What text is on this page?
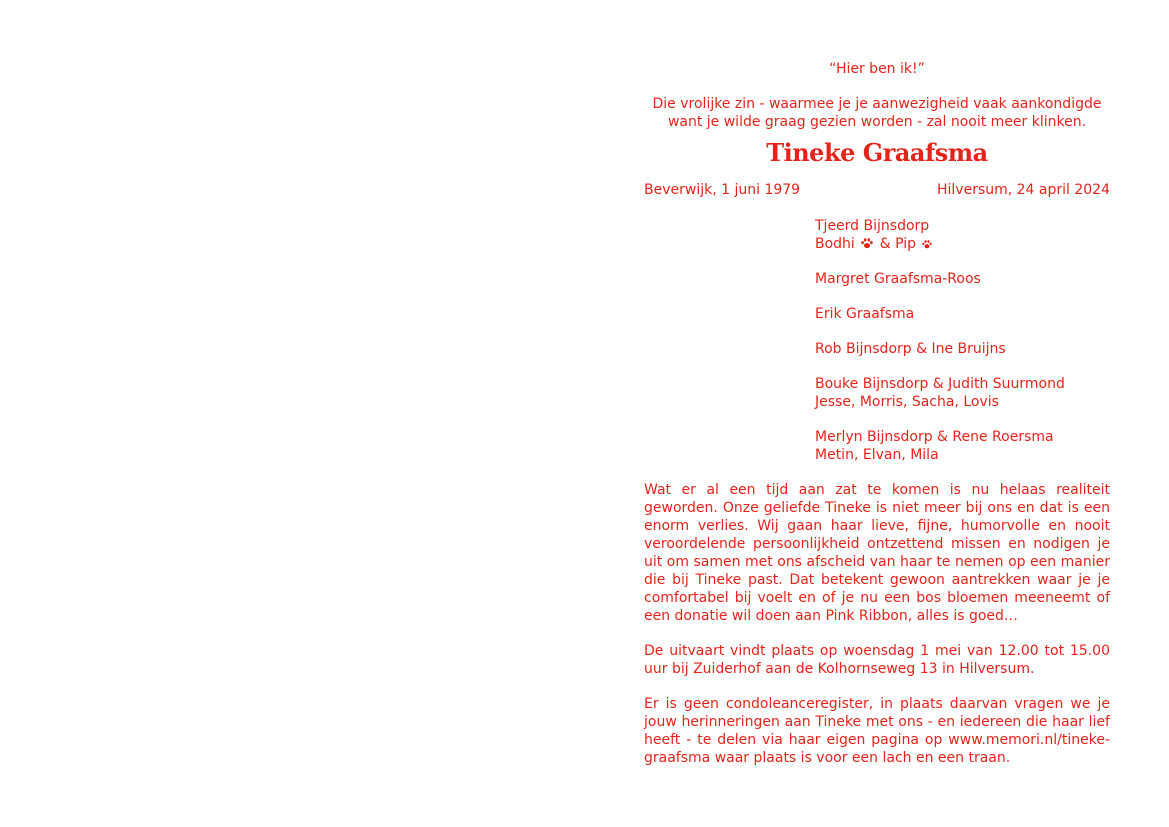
“Hier ben ik!”

Die vrolijke zin - waarmee je je aanwezigheid vaak aankondigde
want je wilde graag gezien worden - zal nooit meer klinken.
Tineke Graafsma
Beverwijk, 1 juni 1979	Hilversum, 24 april 2024
Tjeerd Bijnsdorp
Bodhi & Pip
Margret Graafsma-Roos
Erik Graafsma
Rob Bijnsdorp & Ine Bruijns
Bouke Bijnsdorp & Judith Suurmond
Jesse, Morris, Sacha, Lovis
Merlyn Bijnsdorp & Rene Roersma
Metin, Elvan, Mila

Wat er al een tijd aan zat te komen is nu helaas realiteit geworden. Onze geliefde Tineke is niet meer bij ons en dat is een enorm verlies. Wij gaan haar lieve, fijne, humorvolle en nooit veroordelende persoonlijkheid ontzettend missen en nodigen je uit om samen met ons afscheid van haar te nemen op een manier die bij Tineke past. Dat betekent gewoon aantrekken waar je je comfortabel bij voelt en of je nu een bos bloemen meeneemt of een donatie wil doen aan Pink Ribbon, alles is goed…

De uitvaart vindt plaats op woensdag 1 mei van 12.00 tot 15.00 uur bij Zuiderhof aan de Kolhornseweg 13 in Hilversum.

Er is geen condoleanceregister, in plaats daarvan vragen we je jouw herinneringen aan Tineke met ons - en iedereen die haar lief heeft - te delen via haar eigen pagina op www.memori.nl/tineke-graafsma waar plaats is voor een lach en een traan.
